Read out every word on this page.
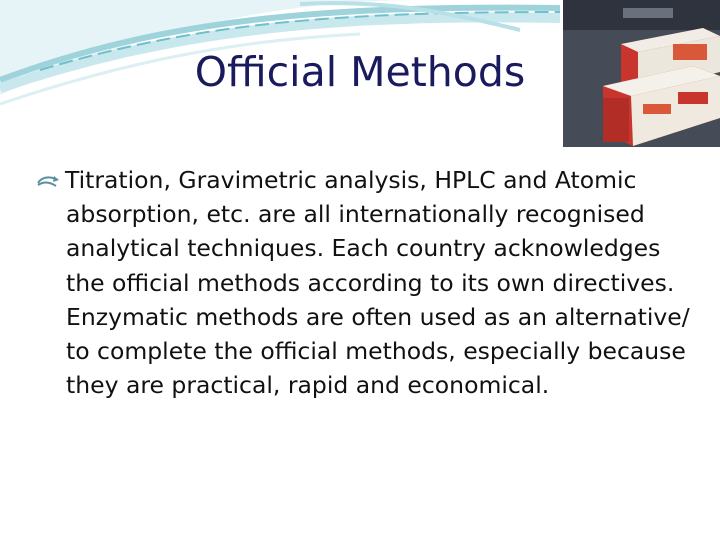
Official Methods

Titration, Gravimetric analysis, HPLC and Atomic absorption, etc. are all internationally recognised analytical techniques. Each country acknowledges the official methods according to its own directives. Enzymatic methods are often used as an alternative/ to complete the official methods, especially because they are practical, rapid and economical.
